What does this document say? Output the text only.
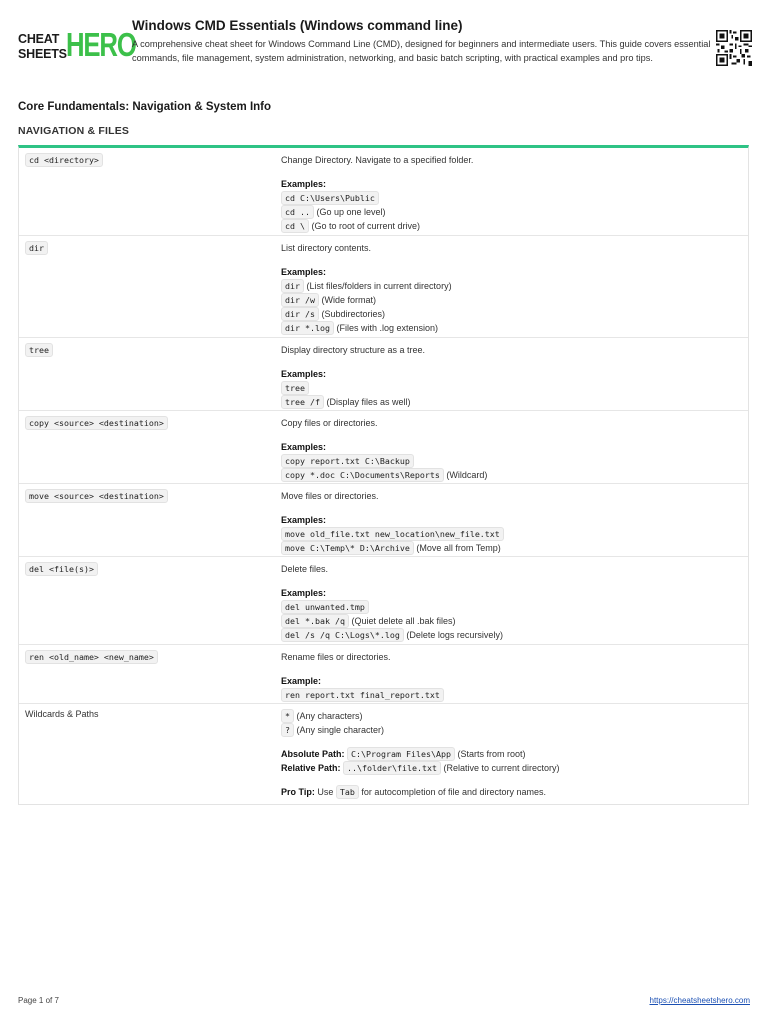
CHEAT
SHEETS HERO
Windows CMD Essentials (Windows command line)

A comprehensive cheat sheet for Windows Command Line (CMD), designed for beginners and intermediate users. This guide covers essential commands, file management, system administration, networking, and basic batch scripting, with practical examples and pro tips.

Core Fundamentals: Navigation & System Info
NAVIGATION & FILES
cd <directory>	Change Directory. Navigate to a specified folder.
Examples:
cd C:\Users\Public
cd .. (Go up one level)
cd \ (Go to root of current drive)
dir	List directory contents.
Examples:
dir (List files/folders in current directory)
dir /w (Wide format)
dir /s (Subdirectories)
dir *.log (Files with .log extension)
tree	Display directory structure as a tree.
Examples:
tree
tree /f (Display files as well)
copy <source> <destination>	Copy files or directories.
Examples:
copy report.txt C:\Backup
copy *.doc C:\Documents\Reports (Wildcard)
move <source> <destination>	Move files or directories.
Examples:
move old_file.txt new_location\new_file.txt
move C:\Temp\* D:\Archive (Move all from Temp)
del <file(s)>	Delete files.
Examples:
del unwanted.tmp
del *.bak /q (Quiet delete all .bak files)
del /s /q C:\Logs\*.log (Delete logs recursively)
ren <old_name> <new_name>	Rename files or directories.
Example:
ren report.txt final_report.txt
Wildcards & Paths	* (Any characters)
? (Any single character)
Absolute Path: C:\Program Files\App (Starts from root)
Relative Path: ..\folder\file.txt (Relative to current directory)
Pro Tip: Use Tab for autocompletion of file and directory names.

Page 1 of 7	https://cheatsheetshero.com
